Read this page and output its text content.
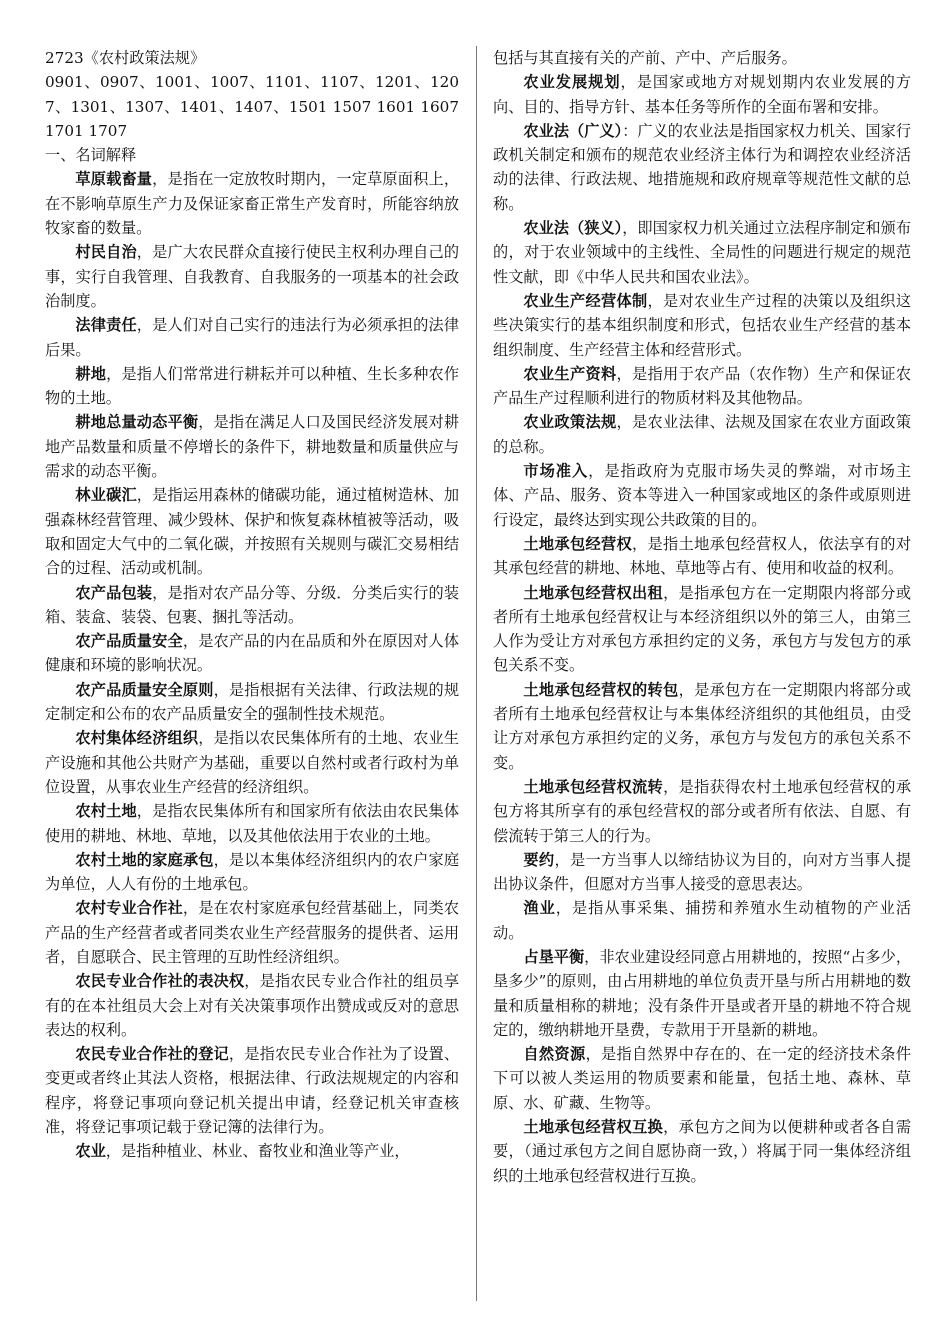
2723《农村政策法规》

0901、0907、1001、1007、1101、1107、1201、1207、1301、1307、1401、1407、1501 1507 1601 1607 1701 1707

一、名词解释

草原载畜量，是指在一定放牧时期内，一定草原面积上，在不影响草原生产力及保证家畜正常生产发育时，所能容纳放牧家畜的数量。

村民自治，是广大农民群众直接行使民主权利办理自己的事，实行自我管理、自我教育、自我服务的一项基本的社会政治制度。

法律责任，是人们对自己实行的违法行为必须承担的法律后果。

耕地，是指人们常常进行耕耘并可以种植、生长多种农作物的土地。

耕地总量动态平衡，是指在满足人口及国民经济发展对耕地产品数量和质量不停增长的条件下，耕地数量和质量供应与需求的动态平衡。

林业碳汇，是指运用森林的储碳功能，通过植树造林、加强森林经营管理、减少毁林、保护和恢复森林植被等活动，吸取和固定大气中的二氧化碳，并按照有关规则与碳汇交易相结合的过程、活动或机制。

农产品包装，是指对农产品分等、分级．分类后实行的装箱、装盒、装袋、包裹、捆扎等活动。

农产品质量安全，是农产品的内在品质和外在原因对人体健康和环境的影响状况。

农产品质量安全原则，是指根据有关法律、行政法规的规定制定和公布的农产品质量安全的强制性技术规范。

农村集体经济组织，是指以农民集体所有的土地、农业生产设施和其他公共财产为基础，重要以自然村或者行政村为单位设置，从事农业生产经营的经济组织。

农村土地，是指农民集体所有和国家所有依法由农民集体使用的耕地、林地、草地，以及其他依法用于农业的土地。

农村土地的家庭承包，是以本集体经济组织内的农户家庭为单位，人人有份的土地承包。

农村专业合作社，是在农村家庭承包经营基础上，同类农产品的生产经营者或者同类农业生产经营服务的提供者、运用者，自愿联合、民主管理的互助性经济组织。

农民专业合作社的表决权，是指农民专业合作社的组员享有的在本社组员大会上对有关决策事项作出赞成或反对的意思表达的权利。

农民专业合作社的登记，是指农民专业合作社为了设置、变更或者终止其法人资格，根据法律、行政法规规定的内容和程序，将登记事项向登记机关提出申请，经登记机关审查核准，将登记事项记载于登记簿的法律行为。

农业，是指种植业、林业、畜牧业和渔业等产业，

包括与其直接有关的产前、产中、产后服务。

农业发展规划，是国家或地方对规划期内农业发展的方向、目的、指导方针、基本任务等所作的全面布署和安排。

农业法（广义）：广义的农业法是指国家权力机关、国家行政机关制定和颁布的规范农业经济主体行为和调控农业经济活动的法律、行政法规、地措施规和政府规章等规范性文献的总称。

农业法（狭义），即国家权力机关通过立法程序制定和颁布的，对于农业领域中的主线性、全局性的问题进行规定的规范性文献，即《中华人民共和国农业法》。

农业生产经营体制，是对农业生产过程的决策以及组织这些决策实行的基本组织制度和形式，包括农业生产经营的基本组织制度、生产经营主体和经营形式。

农业生产资料，是指用于农产品（农作物）生产和保证农产品生产过程顺利进行的物质材料及其他物品。

农业政策法规，是农业法律、法规及国家在农业方面政策的总称。

市场准入，是指政府为克服市场失灵的弊端，对市场主体、产品、服务、资本等进入一种国家或地区的条件或原则进行设定，最终达到实现公共政策的目的。

土地承包经营权，是指土地承包经营权人，依法享有的对其承包经营的耕地、林地、草地等占有、使用和收益的权利。

土地承包经营权出租，是指承包方在一定期限内将部分或者所有土地承包经营权让与本经济组织以外的第三人，由第三人作为受让方对承包方承担约定的义务，承包方与发包方的承包关系不变。

土地承包经营权的转包，是承包方在一定期限内将部分或者所有土地承包经营权让与本集体经济组织的其他组员，由受让方对承包方承担约定的义务，承包方与发包方的承包关系不变。

土地承包经营权流转，是指获得农村土地承包经营权的承包方将其所享有的承包经营权的部分或者所有依法、自愿、有偿流转于第三人的行为。

要约，是一方当事人以缔结协议为目的，向对方当事人提出协议条件，但愿对方当事人接受的意思表达。

渔业，是指从事采集、捕捞和养殖水生动植物的产业活动。

占垦平衡，非农业建设经同意占用耕地的，按照“占多少，垦多少”的原则，由占用耕地的单位负责开垦与所占用耕地的数量和质量相称的耕地；没有条件开垦或者开垦的耕地不符合规定的，缴纳耕地开垦费，专款用于开垦新的耕地。

自然资源，是指自然界中存在的、在一定的经济技术条件下可以被人类运用的物质要素和能量，包括土地、森林、草原、水、矿藏、生物等。

土地承包经营权互换，承包方之间为以便耕种或者各自需要，（通过承包方之间自愿协商一致，）将属于同一集体经济组织的土地承包经营权进行互换。
